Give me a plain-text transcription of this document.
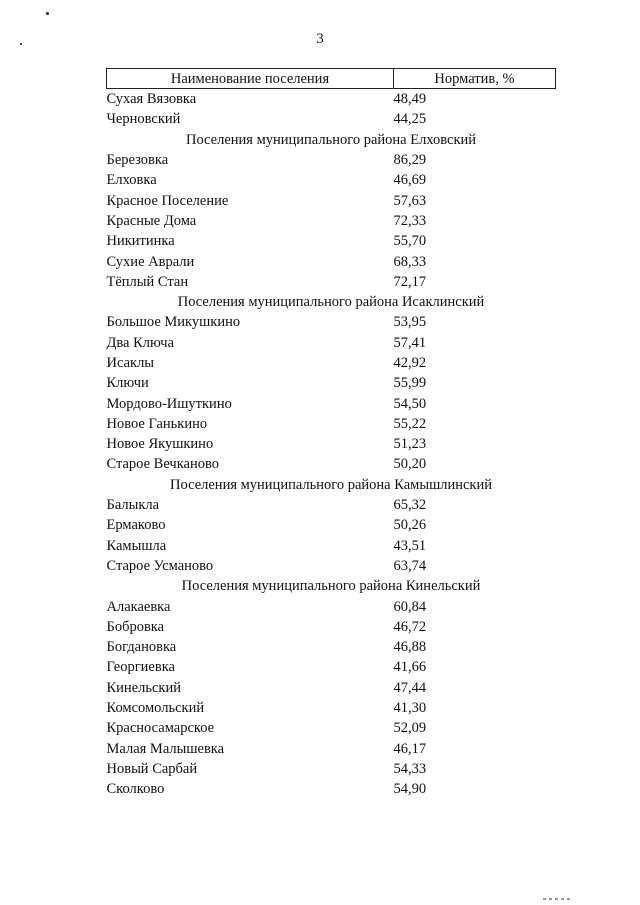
3
Наименование поселения	Норматив, %
Сухая Вязовка	48,49
Черновский	44,25
Поселения муниципального района Елховский	
Березовка	86,29
Елховка	46,69
Красное Поселение	57,63
Красные Дома	72,33
Никитинка	55,70
Сухие Аврали	68,33
Тёплый Стан	72,17
Поселения муниципального района Исаклинский	
Большое Микушкино	53,95
Два Ключа	57,41
Исаклы	42,92
Ключи	55,99
Мордово-Ишуткино	54,50
Новое Ганькино	55,22
Новое Якушкино	51,23
Старое Вечканово	50,20
Поселения муниципального района Камышлинский	
Балыкла	65,32
Ермаково	50,26
Камышла	43,51
Старое Усманово	63,74
Поселения муниципального района Кинельский	
Алакаевка	60,84
Бобровка	46,72
Богдановка	46,88
Георгиевка	41,66
Кинельский	47,44
Комсомольский	41,30
Красносамарское	52,09
Малая Малышевка	46,17
Новый Сарбай	54,33
Сколково	54,90
